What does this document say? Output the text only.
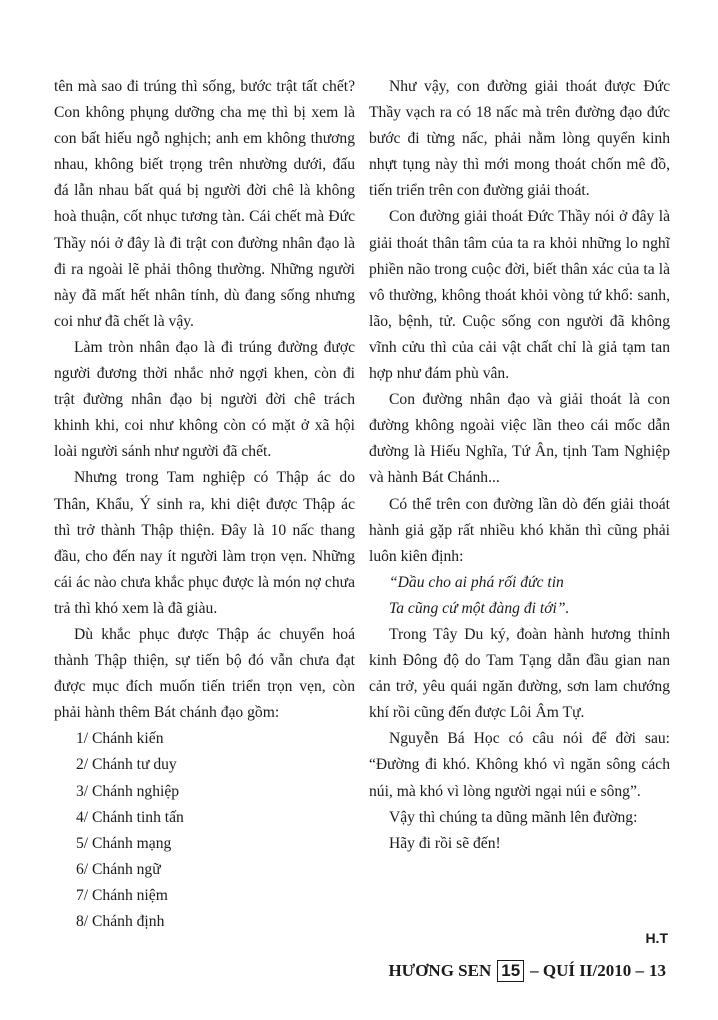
tên mà sao đi trúng thì sống, bước trật tất chết? Con không phụng dưỡng cha mẹ thì bị xem là con bất hiếu ngỗ nghịch; anh em không thương nhau, không biết trọng trên nhường dưới, đấu đá lẫn nhau bất quá bị người đời chê là không hoà thuận, cốt nhục tương tàn. Cái chết mà Đức Thầy nói ở đây là đi trật con đường nhân đạo là đi ra ngoài lẽ phải thông thường. Những người này đã mất hết nhân tính, dù đang sống nhưng coi như đã chết là vậy.

Làm tròn nhân đạo là đi trúng đường được người đương thời nhắc nhở ngợi khen, còn đi trật đường nhân đạo bị người đời chê trách khinh khi, coi như không còn có mặt ở xã hội loài người sánh như người đã chết.

Nhưng trong Tam nghiệp có Thập ác do Thân, Khẩu, Ý sinh ra, khi diệt được Thập ác thì trở thành Thập thiện. Đây là 10 nấc thang đầu, cho đến nay ít người làm trọn vẹn. Những cái ác nào chưa khắc phục được là món nợ chưa trả thì khó xem là đã giàu.

Dù khắc phục được Thập ác chuyển hoá thành Thập thiện, sự tiến bộ đó vẫn chưa đạt được mục đích muốn tiến triển trọn vẹn, còn phải hành thêm Bát chánh đạo gồm:

1/ Chánh kiến
2/ Chánh tư duy
3/ Chánh nghiệp
4/ Chánh tinh tấn
5/ Chánh mạng
6/ Chánh ngữ
7/ Chánh niệm
8/ Chánh định

Như vậy, con đường giải thoát được Đức Thầy vạch ra có 18 nấc mà trên đường đạo đức bước đi từng nấc, phải nằm lòng quyển kinh nhựt tụng này thì mới mong thoát chốn mê đồ, tiến triển trên con đường giải thoát.

Con đường giải thoát Đức Thầy nói ở đây là giải thoát thân tâm của ta ra khỏi những lo nghĩ phiền não trong cuộc đời, biết thân xác của ta là vô thường, không thoát khỏi vòng tứ khổ: sanh, lão, bệnh, tử. Cuộc sống con người đã không vĩnh cửu thì của cải vật chất chỉ là giả tạm tan hợp như đám phù vân.

Con đường nhân đạo và giải thoát là con đường không ngoài việc lần theo cái mốc dẫn đường là Hiếu Nghĩa, Tứ Ân, tịnh Tam Nghiệp và hành Bát Chánh...

Có thể trên con đường lần dò đến giải thoát hành giả gặp rất nhiều khó khăn thì cũng phải luôn kiên định:

“Dầu cho ai phá rối đức tin
Ta cũng cứ một đàng đi tới”.

Trong Tây Du ký, đoàn hành hương thỉnh kinh Đông độ do Tam Tạng dẫn đầu gian nan cản trở, yêu quái ngăn đường, sơn lam chướng khí rồi cũng đến được Lôi Âm Tự.

Nguyễn Bá Học có câu nói để đời sau: “Đường đi khó. Không khó vì ngăn sông cách núi, mà khó vì lòng người ngại núi e sông”.

Vậy thì chúng ta dũng mãnh lên đường:

Hãy đi rồi sẽ đến!

H.T
HƯƠNG SEN 15 – QUÍ II/2010 – 13
